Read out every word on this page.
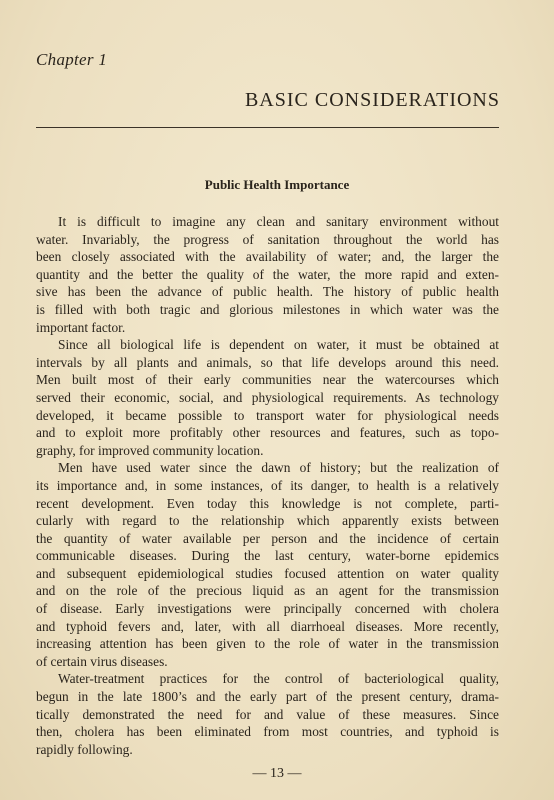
Chapter 1
BASIC CONSIDERATIONS
Public Health Importance
It is difficult to imagine any clean and sanitary environment without
water. Invariably, the progress of sanitation throughout the world has
been closely associated with the availability of water; and, the larger the
quantity and the better the quality of the water, the more rapid and exten-
sive has been the advance of public health. The history of public health
is filled with both tragic and glorious milestones in which water was the
important factor.
Since all biological life is dependent on water, it must be obtained at
intervals by all plants and animals, so that life develops around this need.
Men built most of their early communities near the watercourses which
served their economic, social, and physiological requirements. As technology
developed, it became possible to transport water for physiological needs
and to exploit more profitably other resources and features, such as topo-
graphy, for improved community location.
Men have used water since the dawn of history; but the realization of
its importance and, in some instances, of its danger, to health is a relatively
recent development. Even today this knowledge is not complete, parti-
cularly with regard to the relationship which apparently exists between
the quantity of water available per person and the incidence of certain
communicable diseases. During the last century, water-borne epidemics
and subsequent epidemiological studies focused attention on water quality
and on the role of the precious liquid as an agent for the transmission
of disease. Early investigations were principally concerned with cholera
and typhoid fevers and, later, with all diarrhoeal diseases. More recently,
increasing attention has been given to the role of water in the transmission
of certain virus diseases.
Water-treatment practices for the control of bacteriological quality,
begun in the late 1800’s and the early part of the present century, drama-
tically demonstrated the need for and value of these measures. Since
then, cholera has been eliminated from most countries, and typhoid is
rapidly following.
— 13 —
